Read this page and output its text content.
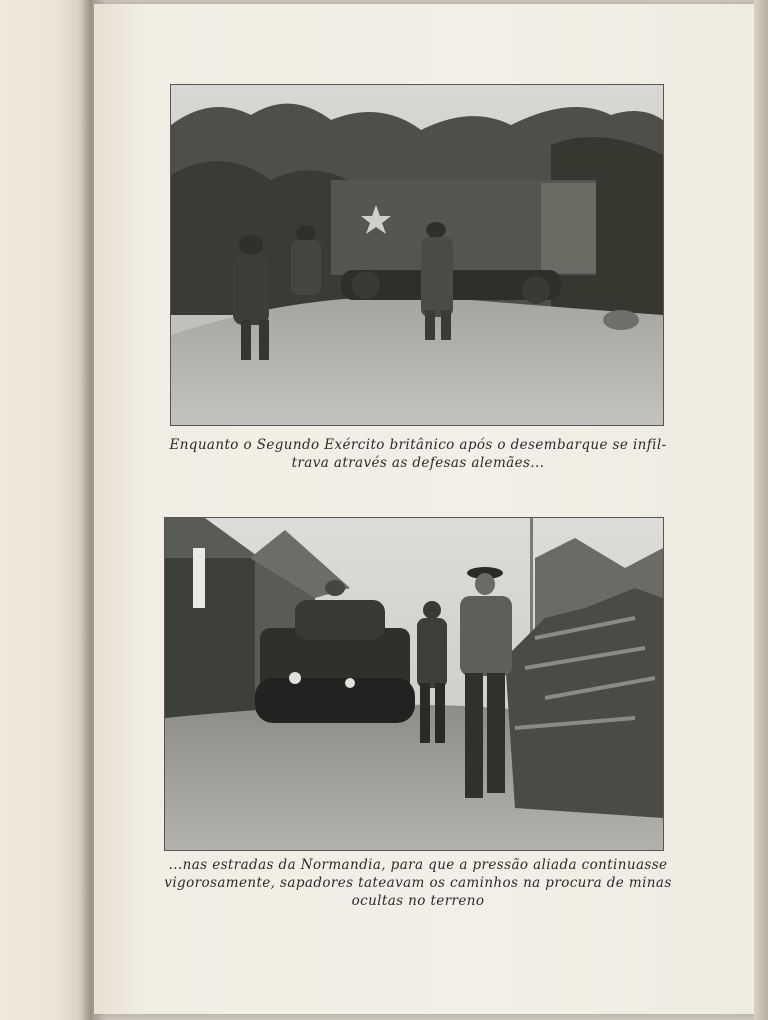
Enquanto o Segundo Exército britânico após o desembarque se infil-
trava através as defesas alemães...

...nas estradas da Normandia, para que a pressão aliada continuasse
vigorosamente, sapadores tateavam os caminhos na procura de minas
ocultas no terreno
